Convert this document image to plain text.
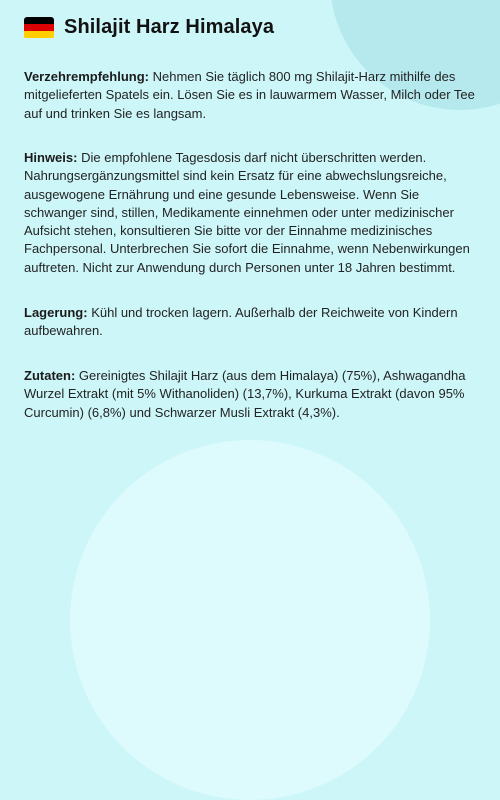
Shilajit Harz Himalaya
Verzehrempfehlung: Nehmen Sie täglich 800 mg Shilajit-Harz mithilfe des mitgelieferten Spatels ein. Lösen Sie es in lauwarmem Wasser, Milch oder Tee auf und trinken Sie es langsam.
Hinweis: Die empfohlene Tagesdosis darf nicht überschritten werden. Nahrungsergänzungsmittel sind kein Ersatz für eine abwechslungsreiche, ausgewogene Ernährung und eine gesunde Lebensweise. Wenn Sie schwanger sind, stillen, Medikamente einnehmen oder unter medizinischer Aufsicht stehen, konsultieren Sie bitte vor der Einnahme medizinisches Fachpersonal. Unterbrechen Sie sofort die Einnahme, wenn Nebenwirkungen auftreten. Nicht zur Anwendung durch Personen unter 18 Jahren bestimmt.
Lagerung: Kühl und trocken lagern. Außerhalb der Reichweite von Kindern aufbewahren.
Zutaten: Gereinigtes Shilajit Harz (aus dem Himalaya) (75%), Ashwagandha Wurzel Extrakt (mit 5% Withanoliden) (13,7%), Kurkuma Extrakt (davon 95% Curcumin) (6,8%) und Schwarzer Musli Extrakt (4,3%).
